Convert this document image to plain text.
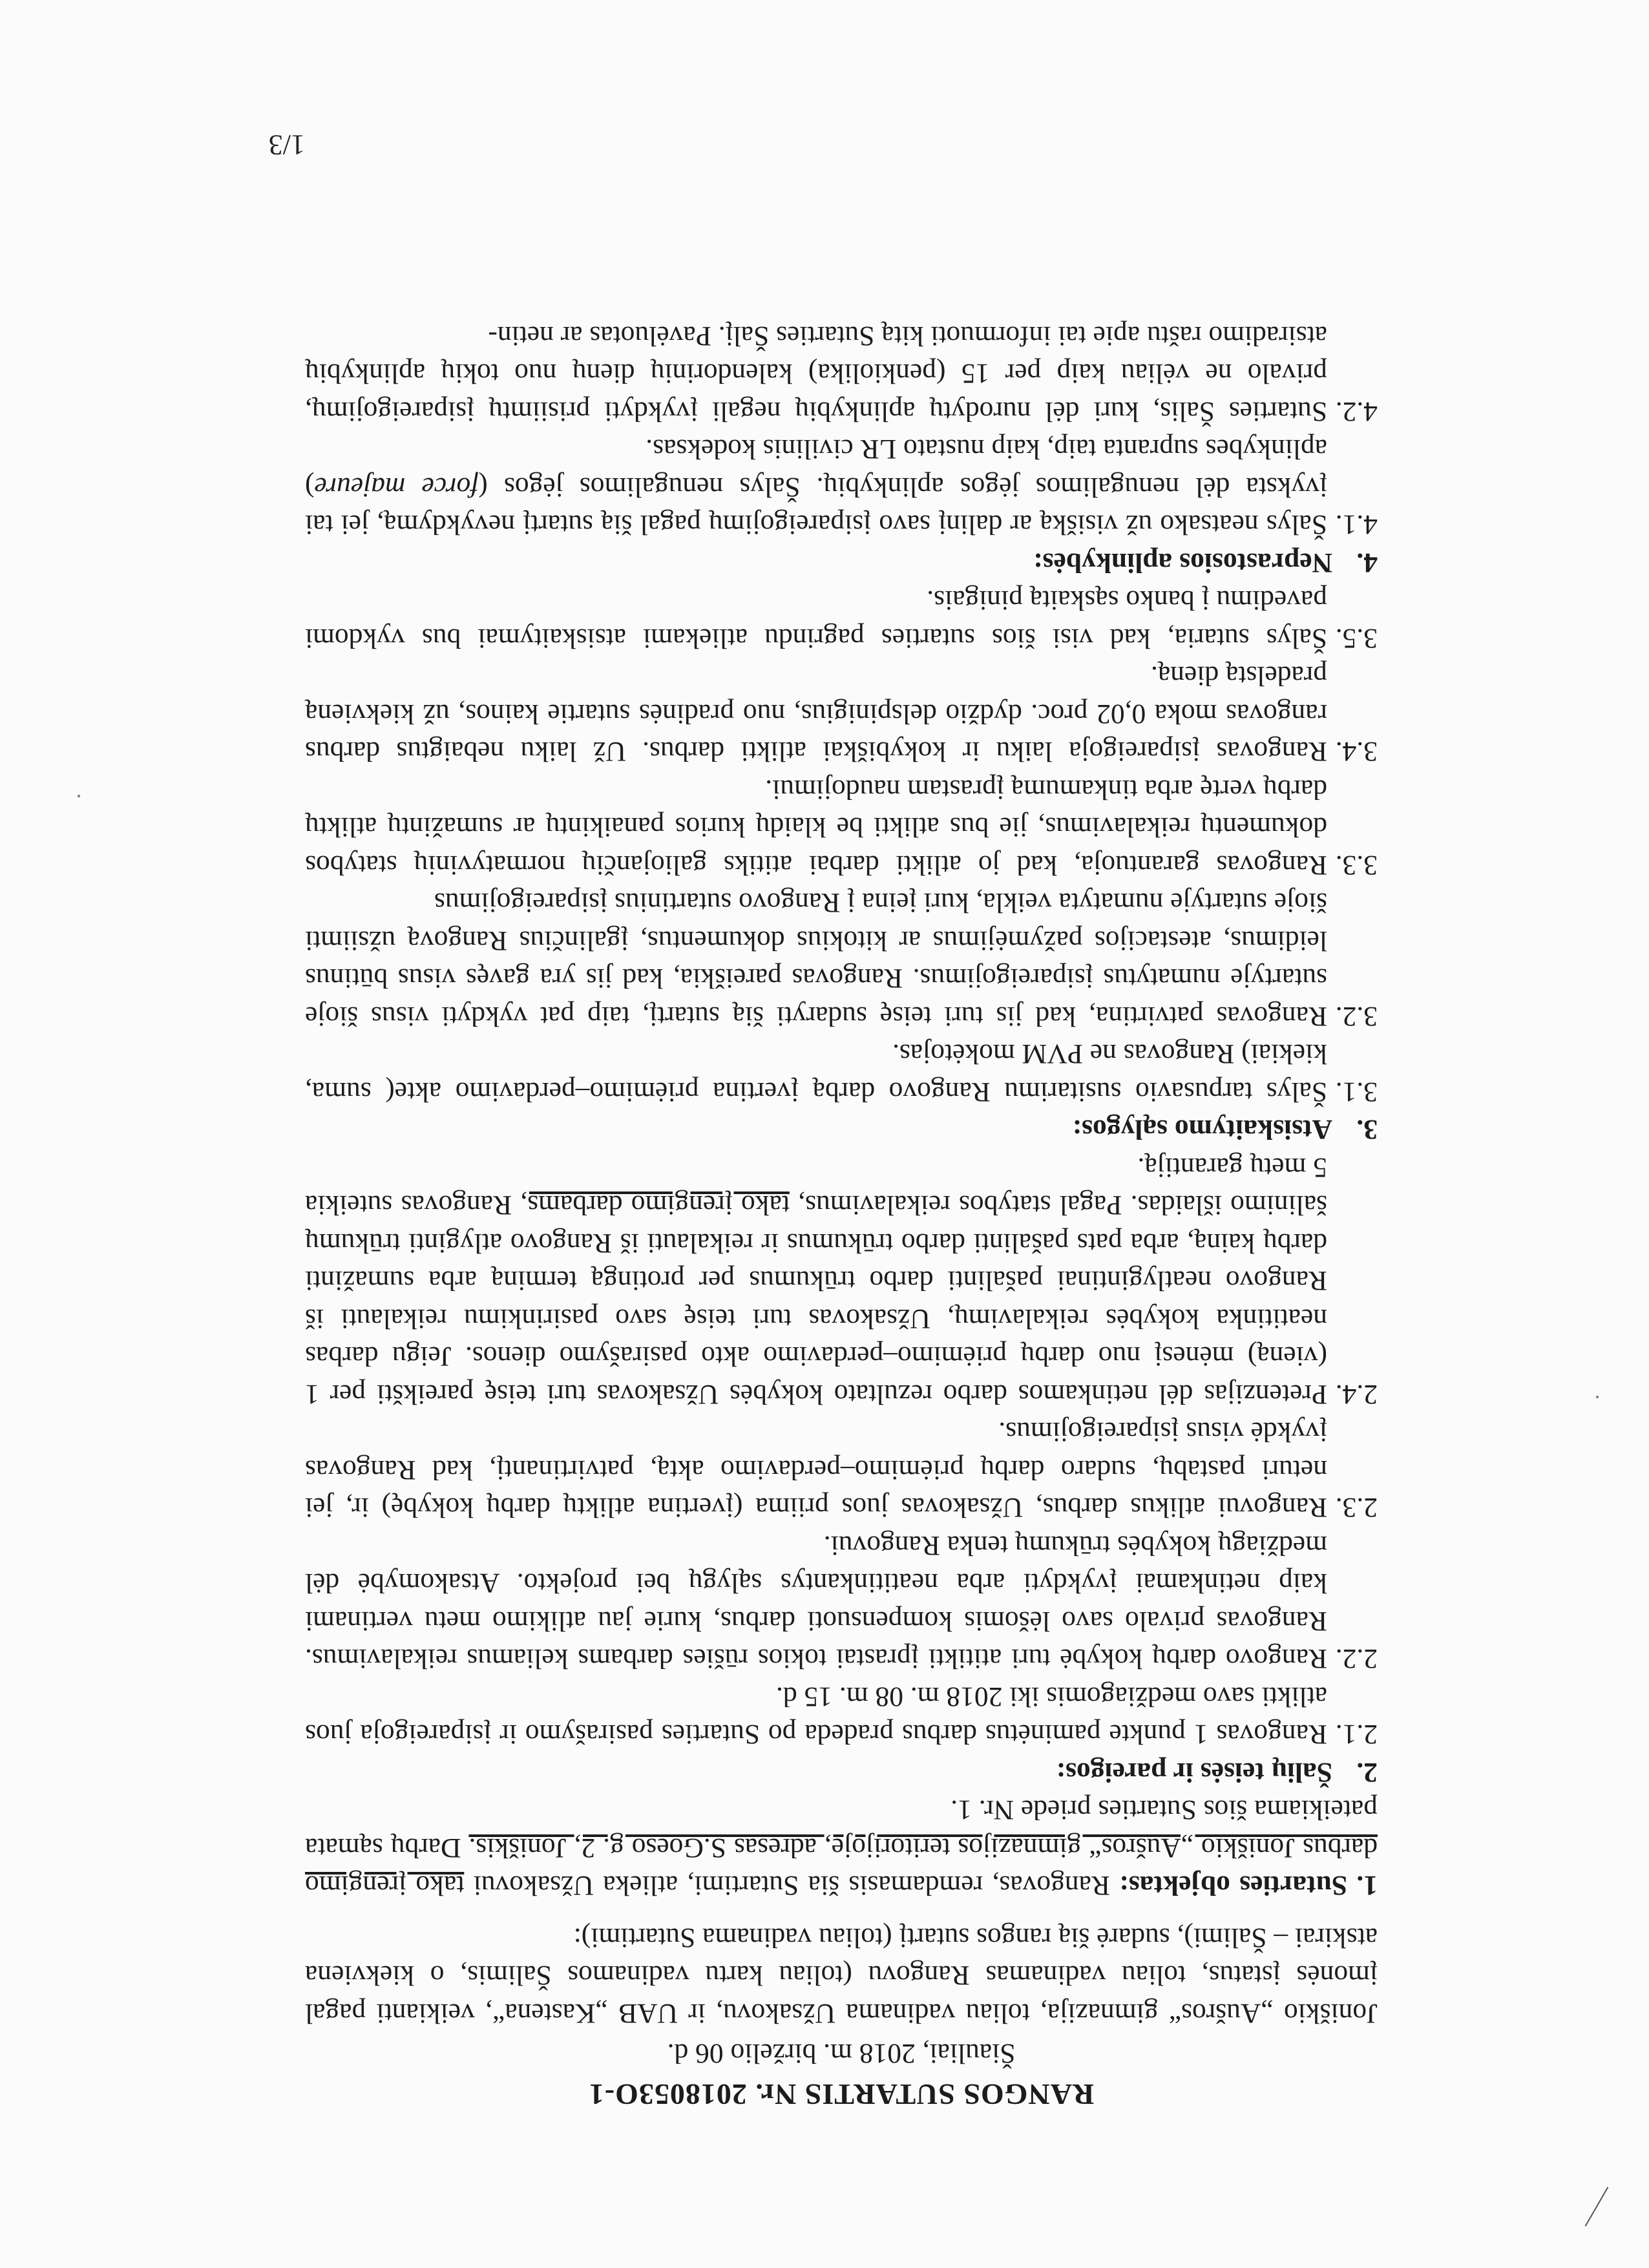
RANGOS SUTARTIS Nr. 2018053O-1
Šiauliai, 2018 m. birželio 06 d.
Joniškio „Aušros“ gimnazija, toliau vadinama Užsakovu, ir UAB „Kastena“, veikianti pagal įmonės įstatus, toliau vadinamas Rangovu (toliau kartu vadinamos Šalimis, o kiekviena atskirai – Šalimi), sudarė šią rangos sutartį (toliau vadinama Sutartimi):
1. Sutarties objektas: Rangovas, remdamasis šia Sutartimi, atlieka Užsakovui tako įrengimo darbus Joniškio „Aušros“ gimnazijos teritorijoje, adresas S.Goeso g. 2, Joniškis. Darbų sąmata pateikiama šios Sutarties priede Nr. 1.
2.Šalių teisės ir pareigos:
2.1.
Rangovas 1 punkte paminėtus darbus pradeda po Sutarties pasirašymo ir įsipareigoja juos atlikti savo medžiagomis iki 2018 m. 08 m. 15 d.
2.2.
Rangovo darbų kokybė turi atitikti įprastai tokios rūšies darbams keliamus reikalavimus. Rangovas privalo savo lėšomis kompensuoti darbus, kurie jau atlikimo metu vertinami kaip netinkamai įvykdyti arba neatitinkantys sąlygų bei projekto. Atsakomybė dėl medžiagų kokybės trūkumų tenka Rangovui.
2.3.
Rangovui atlikus darbus, Užsakovas juos priima (įvertina atliktų darbų kokybę) ir, jei neturi pastabų, sudaro darbų priėmimo–perdavimo aktą, patvirtinantį, kad Rangovas įvykdė visus įsipareigojimus.
2.4.
Pretenzijas dėl netinkamos darbo rezultato kokybės Užsakovas turi teisę pareikšti per 1 (vieną) mėnesį nuo darbų priėmimo–perdavimo akto pasirašymo dienos. Jeigu darbas neatitinka kokybės reikalavimų, Užsakovas turi teisę savo pasirinkimu reikalauti iš Rangovo neatlygintinai pašalinti darbo trūkumus per protingą terminą arba sumažinti darbų kainą, arba pats pašalinti darbo trūkumus ir reikalauti iš Rangovo atlyginti trūkumų šalinimo išlaidas. Pagal statybos reikalavimus, tako įrengimo darbams, Rangovas suteikia 5 metų garantiją.
3.Atsiskaitymo sąlygos:
3.1.
Šalys tarpusavio susitarimu Rangovo darbą įvertina priėmimo–perdavimo akte( suma, kiekiai) Rangovas ne PVM mokėtojas.
3.2.
Rangovas patvirtina, kad jis turi teisę sudaryti šią sutartį, taip pat vykdyti visus šioje sutartyje numatytus įsipareigojimus. Rangovas pareiškia, kad jis yra gavęs visus būtinus leidimus, atestacijos pažymėjimus ar kitokius dokumentus, įgalinčius Rangovą užsiimti šioje sutartyje numatyta veikla, kuri įeina į Rangovo sutartinius įsipareigojimus
3.3.
Rangovas garantuoja, kad jo atlikti darbai atitiks galiojančių normatyvinių statybos dokumentų reikalavimus, jie bus atlikti be klaidų kurios panaikintų ar sumažintų atliktų darbų vertę arba tinkamumą įprastam naudojimui.
3.4.
Rangovas įsipareigoja laiku ir kokybiškai atlikti darbus. Už laiku nebaigtus darbus rangovas moka 0,02 proc. dydžio delspinigius, nuo pradinės sutartie kainos, už kiekvieną pradelstą dieną.
3.5.
Šalys sutaria, kad visi šios sutarties pagrindu atliekami atsiskaitymai bus vykdomi pavedimu į banko sąskaitą pinigais.
4.Neprastosios aplinkybės:
4.1.
Šalys neatsako už visišką ar dalinį savo įsipareigojimų pagal šią sutartį nevykdymą, jei tai įvyksta dėl nenugalimos jėgos aplinkybių. Šalys nenugalimos jėgos (force majeure) aplinkybes supranta taip, kaip nustato LR civilinis kodeksas.
4.2.
Sutarties Šalis, kuri dėl nurodytų aplinkybių negali įvykdyti prisiimtų įsipareigojimų, privalo ne vėliau kaip per 15 (penkiolika) kalendorinių dienų nuo tokių aplinkybių atsiradimo raštu apie tai informuoti kitą Sutarties Šalį. Pavėluotas ar netin-
1/3
